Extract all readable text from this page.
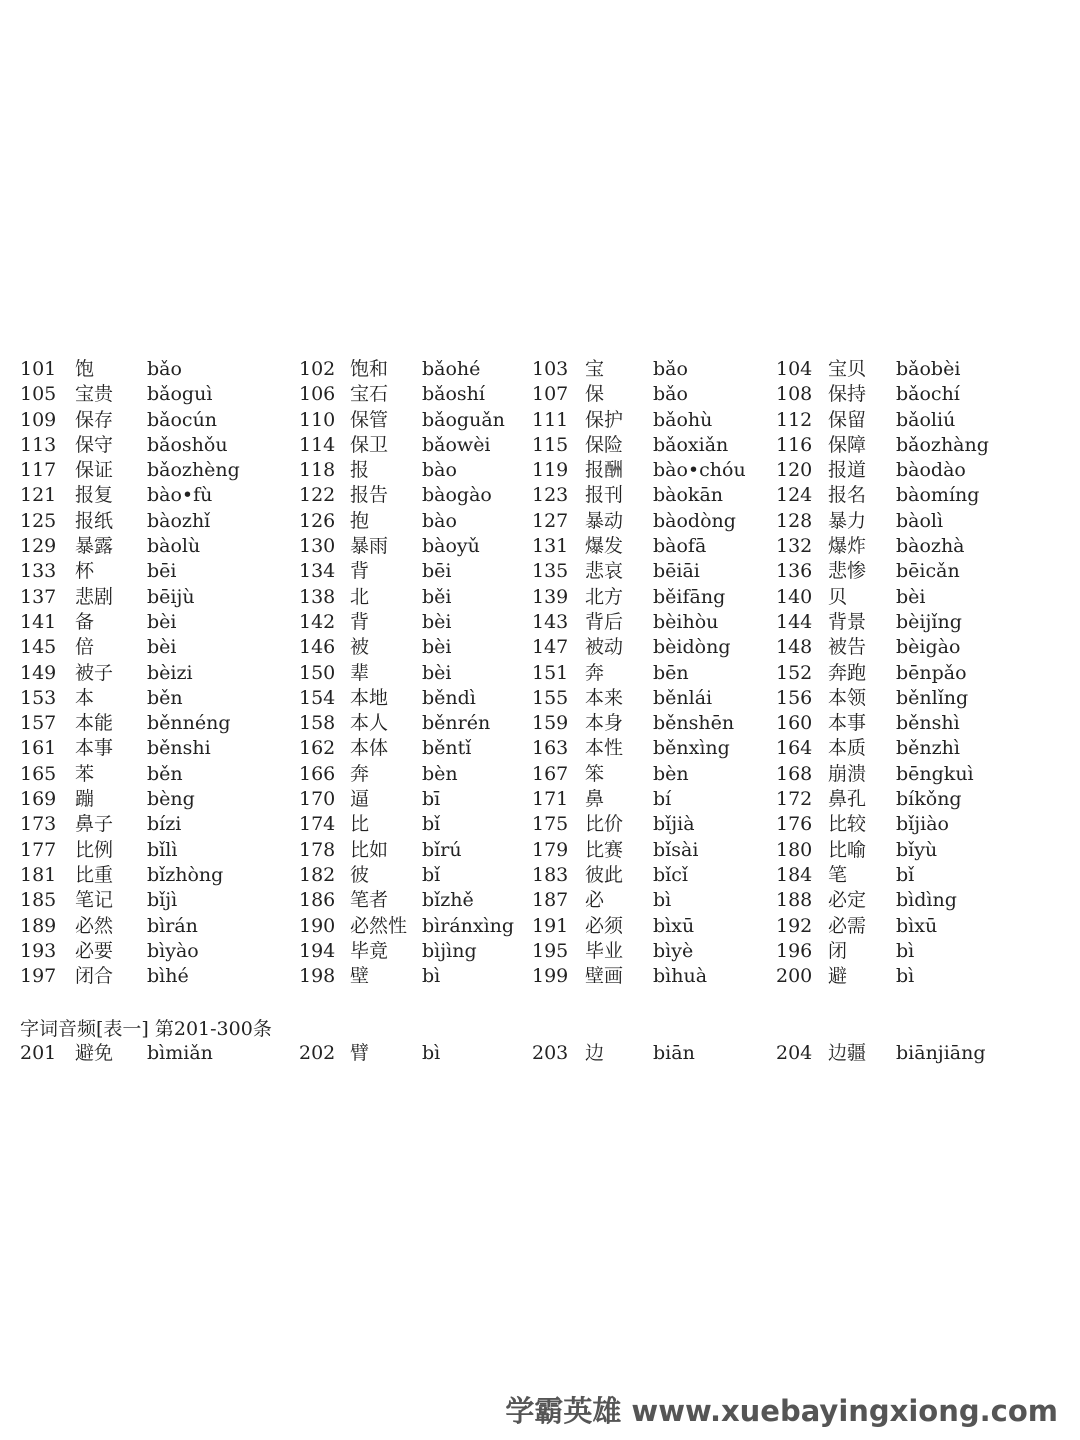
101 饱	bǎo	102 饱和 bǎohé	103 宝	bǎo	104 宝贝 bǎobèi
105 宝贵 bǎoguì	106 宝石 bǎoshí 107 保	bǎo	108 保持 bǎochí
109 保存 bǎocún	110 保管 bǎoguǎn 111 保护 bǎohù	112 保留 bǎoliú
113 保守 bǎoshǒu	114 保卫 bǎowèi 115 保险 bǎoxiǎn	116 保障 bǎozhàng
117 保证 bǎozhèng	118 报	bào	119 报酬 bào•chóu 120 报道 bàodào
121 报复 bào•fù	122 报告 bàogào 123 报刊 bàokān	124 报名 bàomíng
125 报纸 bàozhǐ	126 抱	bào	127 暴动 bàodòng 128 暴力 bàolì
129 暴露 bàolù	130 暴雨 bàoyǔ	131 爆发 bàofā	132 爆炸 bàozhà
133 杯	bēi	134 背	bēi	135 悲哀 bēiāi	136 悲惨 bēicǎn
137 悲剧 bēijù	138 北	běi	139 北方 běifāng	140 贝	bèi
141 备	bèi	142 背	bèi	143 背后 bèihòu	144 背景 bèijǐng
145 倍	bèi	146 被	bèi	147 被动 bèidòng 148 被告 bèigào
149 被子 bèizi	150 辈	bèi	151 奔	bēn	152 奔跑 bēnpǎo
153 本	běn	154 本地 běndì	155 本来 běnlái	156 本领 běnlǐng
157 本能 běnnéng	158 本人 běnrén 159 本身 běnshēn 160 本事 běnshì
161 本事 běnshi	162 本体 běntǐ	163 本性 běnxìng 164 本质 běnzhì
165 苯	běn	166 奔	bèn	167 笨	bèn	168 崩溃 bēngkuì
169 蹦	bèng	170 逼	bī	171 鼻	bí	172 鼻孔 bíkǒng
173 鼻子 bízi	174 比	bǐ	175 比价 bǐjià	176 比较 bǐjiào
177 比例 bǐlì	178 比如 bǐrú	179 比赛 bǐsài	180 比喻 bǐyù
181 比重 bǐzhòng	182 彼	bǐ	183 彼此 bǐcǐ	184 笔	bǐ
185 笔记 bǐjì	186 笔者 bǐzhě	187 必	bì	188 必定 bìdìng
189 必然 bìrán	190 必然性 bìránxìng 191 必须 bìxū	192 必需 bìxū
193 必要 bìyào	194 毕竟 bìjìng	195 毕业 bìyè	196 闭	bì
197 闭合 bìhé	198 壁	bì	199 壁画 bìhuà	200 避	bì
字词音频[表一] 第201-300条
201 避免 bìmiǎn	202 臂	bì	203 边	biān	204 边疆 biānjiāng
学霸英雄 www.xuebayingxiong.com
